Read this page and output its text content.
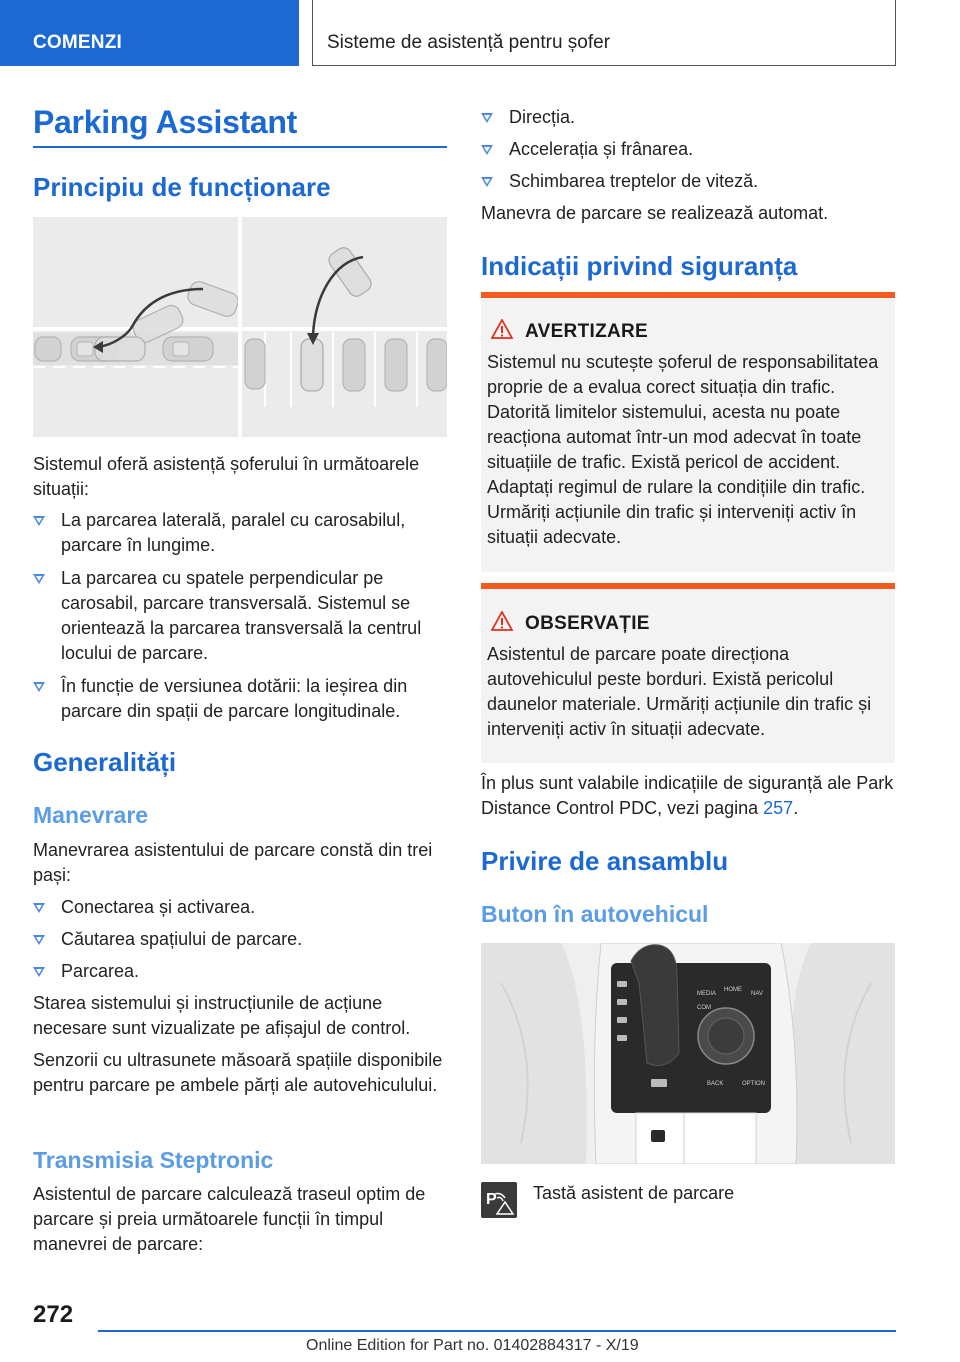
COMENZI	Sisteme de asistență pentru șofer
Parking Assistant
Principiu de funcționare
Sistemul oferă asistență șoferului în următoarele situații:
La parcarea laterală, paralel cu carosabilul, parcare în lungime.
La parcarea cu spatele perpendicular pe carosabil, parcare transversală. Sistemul se orientează la parcarea transversală la centrul locului de parcare.
În funcție de versiunea dotării: la ieșirea din parcare din spații de parcare longitudinale.
Generalități
Manevrare
Manevrarea asistentului de parcare constă din trei pași:
Conectarea și activarea.
Căutarea spațiului de parcare.
Parcarea.
Starea sistemului și instrucțiunile de acțiune necesare sunt vizualizate pe afișajul de control.
Senzorii cu ultrasunete măsoară spațiile disponibile pentru parcare pe ambele părți ale autovehiculului.
Transmisia Steptronic
Asistentul de parcare calculează traseul optim de parcare și preia următoarele funcții în timpul manevrei de parcare:
Direcția.
Accelerația și frânarea.
Schimbarea treptelor de viteză.
Manevra de parcare se realizează automat.
Indicații privind siguranța
AVERTIZARE
Sistemul nu scutește șoferul de responsabilitatea proprie de a evalua corect situația din trafic. Datorită limitelor sistemului, acesta nu poate reacționa automat într-un mod adecvat în toate situațiile de trafic. Există pericol de accident. Adaptați regimul de rulare la condițiile din trafic. Urmăriți acțiunile din trafic și interveniți activ în situații adecvate.
OBSERVAȚIE
Asistentul de parcare poate direcționa autovehiculul peste borduri. Există pericolul daunelor materiale. Urmăriți acțiunile din trafic și interveniți activ în situații adecvate.
În plus sunt valabile indicațiile de siguranță ale Park Distance Control PDC, vezi pagina 257.
Privire de ansamblu
Buton în autovehicul
MEDIA
HOME
NAV
COM
BACK	OPTION
P Tastă asistent de parcare
272
Online Edition for Part no. 01402884317 - X/19
